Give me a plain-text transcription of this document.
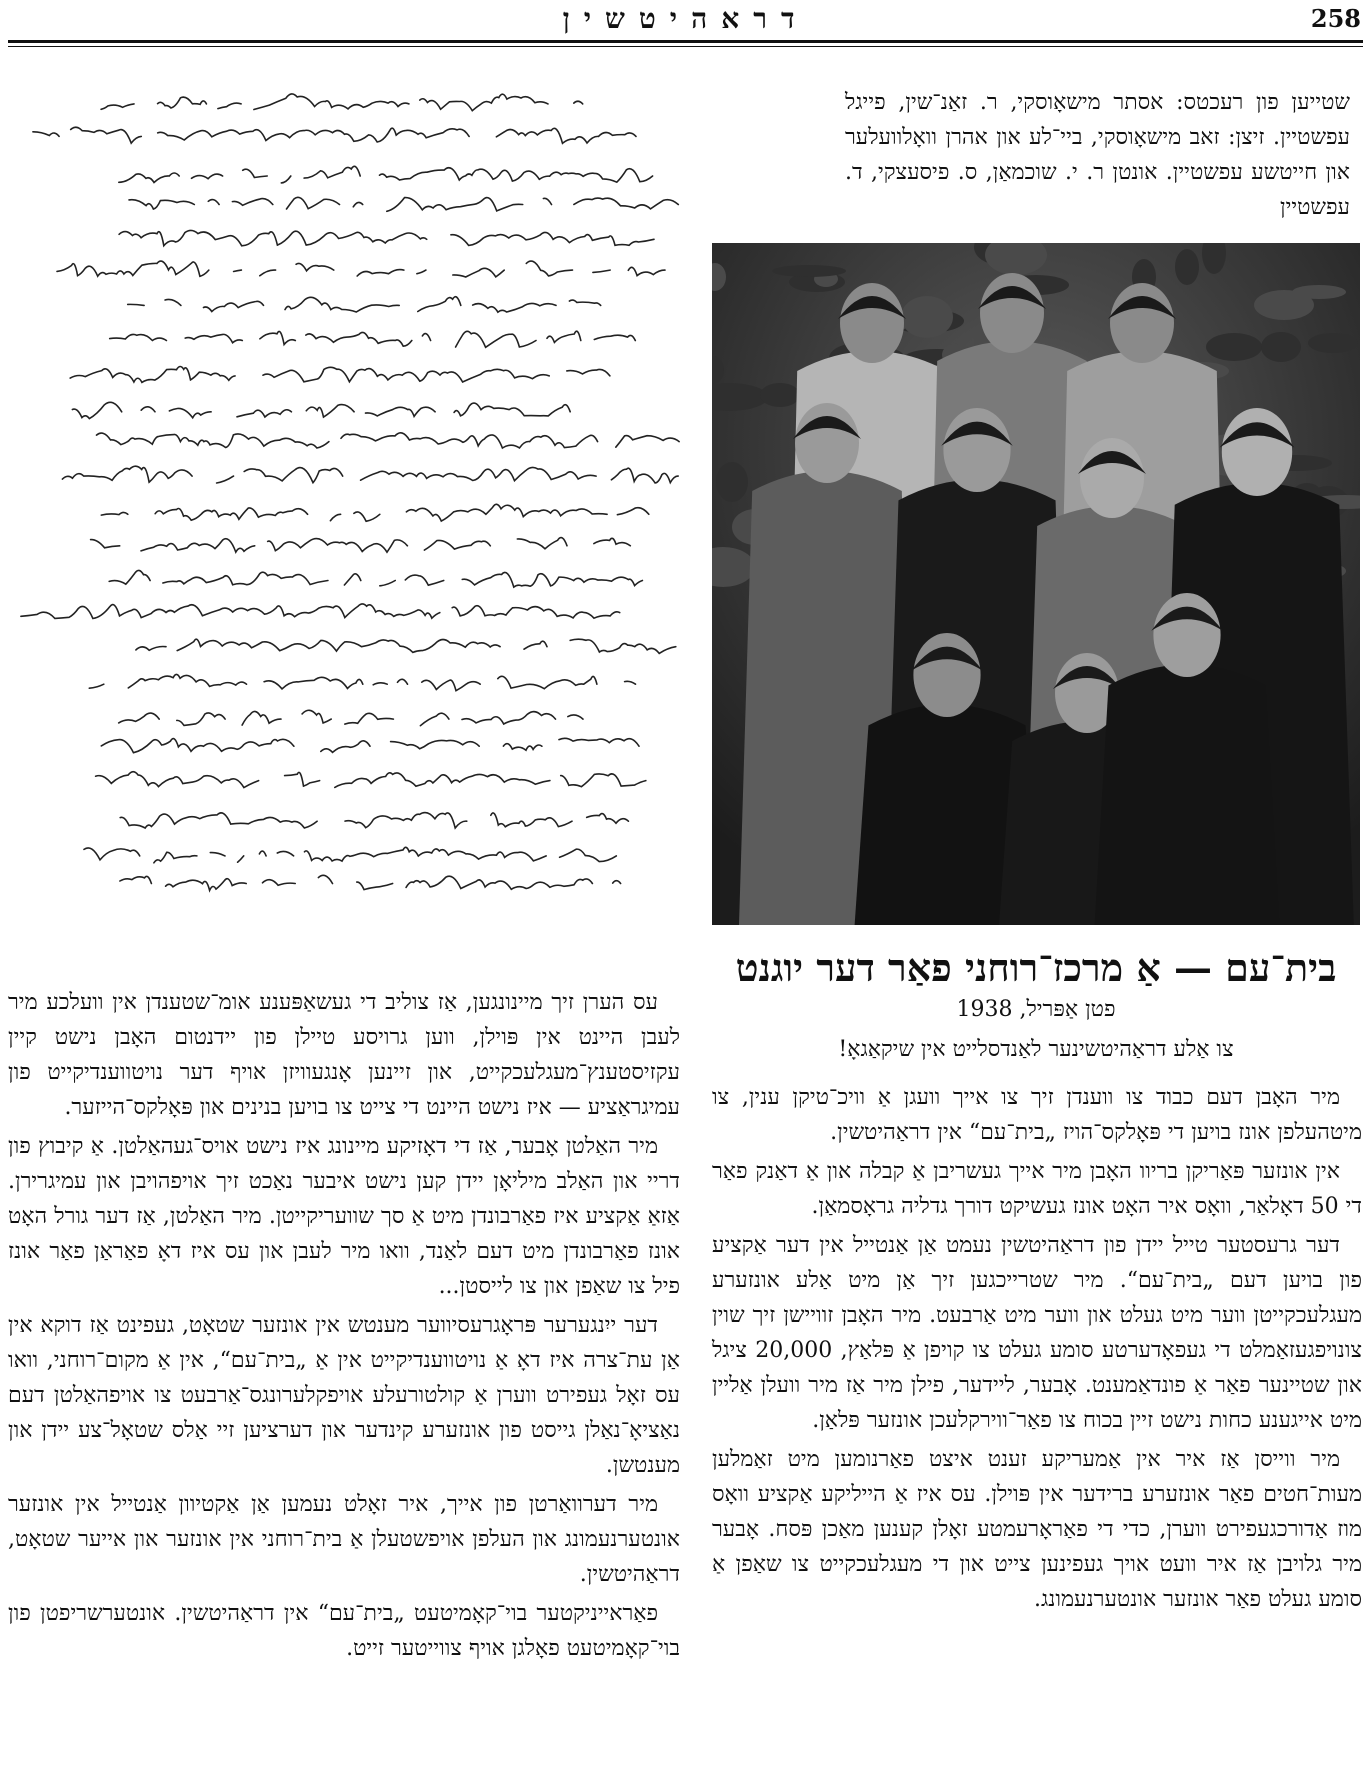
דראהיטשין	258
שטייען פון רעכטס: אסתר מישאָוסקי, ר. זאַנ־שין, פייגל עפשטיין. זיצן: זאב מישאָוסקי, ביי־לע און אהרן וואָלוועלער און חייטשע עפשטיין. אונטן ר. י. שוכמאַן, ס. פיסעצקי, ד. עפשטיין
בית־עם — אַ מרכז־רוחני פאַר דער יוגנט
פטן אַפּריל, 1938
צו אַלע דראַהיטשינער לאַנדסלייט אין שיקאַגאָ!

מיר האָבן דעם כבוד צו ווענדן זיך צו אייך וועגן אַ וויכ־טיקן ענין, צו מיטהעלפן אונז בויען די פּאָלקס־הויז „בית־עם“ אין דראַהיטשין.

אין אונזער פּאַריקן בריוו האָבן מיר אייך געשריבן אַ קבלה און אַ דאַנק פאַר די 50 דאָלאַר, וואָס איר האָט אונז געשיקט דורך גדליה גראָסמאַן.

דער גרעסטער טייל יידן פון דראַהיטשין נעמט אַן אַנטייל אין דער אַקציע פון בויען דעם „בית־עם“. מיר שטרייכגען זיך אַן מיט אַלע אונזערע מעגלעכקייטן ווער מיט געלט און ווער מיט אַרבעט. מיר האָבן זוויישן זיך שוין צונויפגעזאַמלט די געפאָדערטע סומע געלט צו קויפן אַ פּלאַץ, 20,000 ציגל און שטיינער פאַר אַ פונדאַמענט. אָבער, ליידער, פילן מיר אַז מיר וועלן אַליין מיט אייגענע כחות נישט זיין בכוח צו פאַר־ווירקלעכן אונזער פּלאַן.

מיר ווייסן אַז איר אין אַמעריקע זענט איצט פאַרנומען מיט זאַמלען מעות־חטים פאַר אונזערע ברידער אין פּוילן. עס איז אַ הייליקע אַקציע וואָס מוז אַדורכגעפירט ווערן, כדי די פאַראָרעמטע זאָלן קענען מאַכן פּסח. אָבער מיר גלויבן אַז איר וועט אויך געפינען צייט און די מעגלעכקייט צו שאַפן אַ סומע געלט פאַר אונזער אונטערנעמונג.

עס הערן זיך מיינונגען, אַז צוליב די געשאַפּענע אומ־שטענדן אין וועלכע מיר לעבן היינט אין פּוילן, ווען גרויסע טיילן פון יידנטום האָבן נישט קיין עקזיסטענץ־מעגלעכקייט, און זיינען אָנגעוויזן אויף דער נויטווענדיקייט פון עמיגראַציע — איז נישט היינט די צייט צו בויען בנינים און פּאָלקס־הייזער.

מיר האַלטן אָבער, אַז די דאָזיקע מיינונג איז נישט אויס־געהאַלטן. אַ קיבוץ פון דריי און האַלב מיליאָן יידן קען נישט איבער נאַכט זיך אויפהויבן און עמיגרירן. אַזאַ אַקציע איז פאַרבונדן מיט אַ סך שוועריקייטן. מיר האַלטן, אַז דער גורל האָט אונז פאַרבונדן מיט דעם לאַנד, וואו מיר לעבן און עס איז דאָ פאַראַן פאַר אונז פיל צו שאַפן און צו לייסטן...

דער ייִנגערער פּראָגרעסיווער מענטש אין אונזער שטאָט, געפינט אַז דוקא אין אַן עת־צרה איז דאָ אַ נויטווענדיקייט אין אַ „בית־עם“, אין אַ מקום־רוחני, וואו עס זאָל געפירט ווערן אַ קולטורעלע אויפקלערונגס־אַרבעט צו אויפהאַלטן דעם נאַציאָ־נאַלן גייסט פון אונזערע קינדער און דערציען זיי אַלס שטאָל־צע יידן און מענטשן.

מיר דערוואַרטן פון אייך, איר זאָלט נעמען אַן אַקטיוון אַנטייל אין אונזער אונטערנעמונג און העלפן אויפשטעלן אַ בית־רוחני אין אונזער און אייער שטאָט, דראַהיטשין.

פאַראייניקטער בוי־קאָמיטעט „בית־עם“ אין דראַהיטשין. אונטערשריפטן פון בוי־קאָמיטעט פאָלגן אויף צווייטער זייט.
